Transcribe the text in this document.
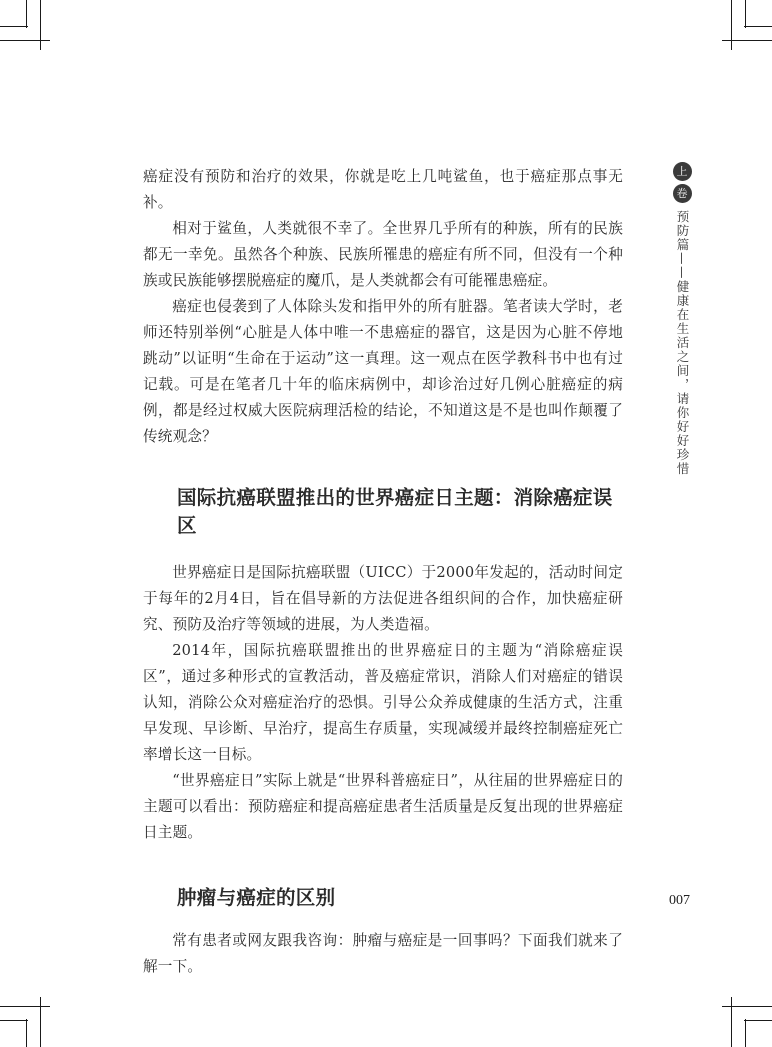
癌症没有预防和治疗的效果，你就是吃上几吨鲨鱼，也于癌症那点事无补。

相对于鲨鱼，人类就很不幸了。全世界几乎所有的种族，所有的民族都无一幸免。虽然各个种族、民族所罹患的癌症有所不同，但没有一个种族或民族能够摆脱癌症的魔爪，是人类就都会有可能罹患癌症。

癌症也侵袭到了人体除头发和指甲外的所有脏器。笔者读大学时，老师还特别举例“心脏是人体中唯一不患癌症的器官，这是因为心脏不停地跳动”以证明“生命在于运动”这一真理。这一观点在医学教科书中也有过记载。可是在笔者几十年的临床病例中，却诊治过好几例心脏癌症的病例，都是经过权威大医院病理活检的结论，不知道这是不是也叫作颠覆了传统观念？

国际抗癌联盟推出的世界癌症日主题：消除癌症误区

世界癌症日是国际抗癌联盟（UICC）于2000年发起的，活动时间定于每年的2月4日，旨在倡导新的方法促进各组织间的合作，加快癌症研究、预防及治疗等领域的进展，为人类造福。

2014年，国际抗癌联盟推出的世界癌症日的主题为“消除癌症误区”，通过多种形式的宣教活动，普及癌症常识，消除人们对癌症的错误认知，消除公众对癌症治疗的恐惧。引导公众养成健康的生活方式，注重早发现、早诊断、早治疗，提高生存质量，实现减缓并最终控制癌症死亡率增长这一目标。

“世界癌症日”实际上就是“世界科普癌症日”，从往届的世界癌症日的主题可以看出：预防癌症和提高癌症患者生活质量是反复出现的世界癌症日主题。

肿瘤与癌症的区别

常有患者或网友跟我咨询：肿瘤与癌症是一回事吗？下面我们就来了解一下。

上
卷
预防篇——健康在生活之间，请你好好珍惜
007
